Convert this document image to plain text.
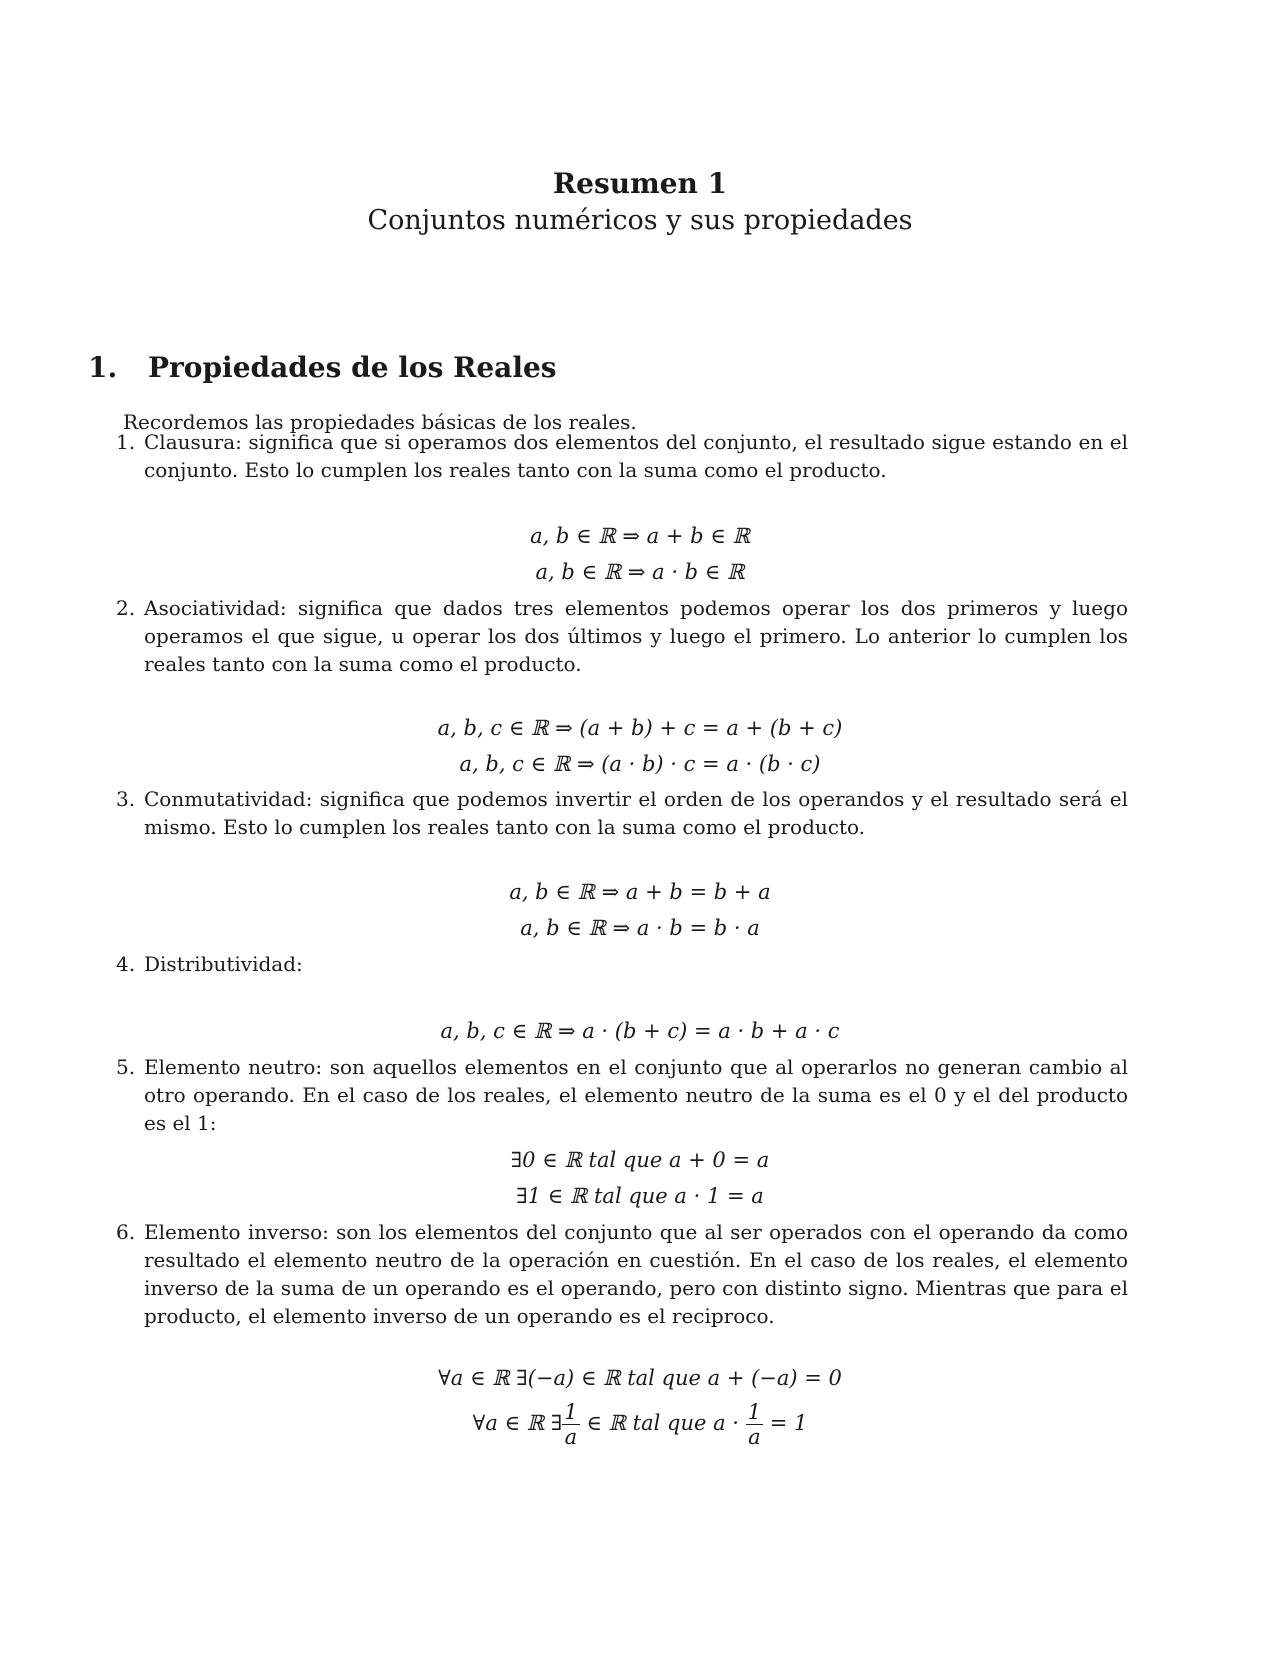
Resumen 1
Conjuntos numéricos y sus propiedades
1. Propiedades de los Reales
Recordemos las propiedades básicas de los reales.
1. Clausura: significa que si operamos dos elementos del conjunto, el resultado sigue estando en el conjunto. Esto lo cumplen los reales tanto con la suma como el producto.
a, b ∈ ℝ ⇒ a + b ∈ ℝ
a, b ∈ ℝ ⇒ a · b ∈ ℝ
2. Asociatividad: significa que dados tres elementos podemos operar los dos primeros y luego operamos el que sigue, u operar los dos últimos y luego el primero. Lo anterior lo cumplen los reales tanto con la suma como el producto.
a, b, c ∈ ℝ ⇒ (a + b) + c = a + (b + c)
a, b, c ∈ ℝ ⇒ (a · b) · c = a · (b · c)
3. Conmutatividad: significa que podemos invertir el orden de los operandos y el resultado será el mismo. Esto lo cumplen los reales tanto con la suma como el producto.
a, b ∈ ℝ ⇒ a + b = b + a
a, b ∈ ℝ ⇒ a · b = b · a
4. Distributividad:
a, b, c ∈ ℝ ⇒ a · (b + c) = a · b + a · c
5. Elemento neutro: son aquellos elementos en el conjunto que al operarlos no generan cambio al otro operando. En el caso de los reales, el elemento neutro de la suma es el 0 y el del producto es el 1:
∃0 ∈ ℝ tal que a + 0 = a
∃1 ∈ ℝ tal que a · 1 = a
6. Elemento inverso: son los elementos del conjunto que al ser operados con el operando da como resultado el elemento neutro de la operación en cuestión. En el caso de los reales, el elemento inverso de la suma de un operando es el operando, pero con distinto signo. Mientras que para el producto, el elemento inverso de un operando es el reciproco.
∀a ∈ ℝ ∃(−a) ∈ ℝ tal que a + (−a) = 0
∀a ∈ ℝ ∃ $\frac{1}{a}$ ∈ ℝ tal que $a \cdot \frac{1}{a} = 1$
